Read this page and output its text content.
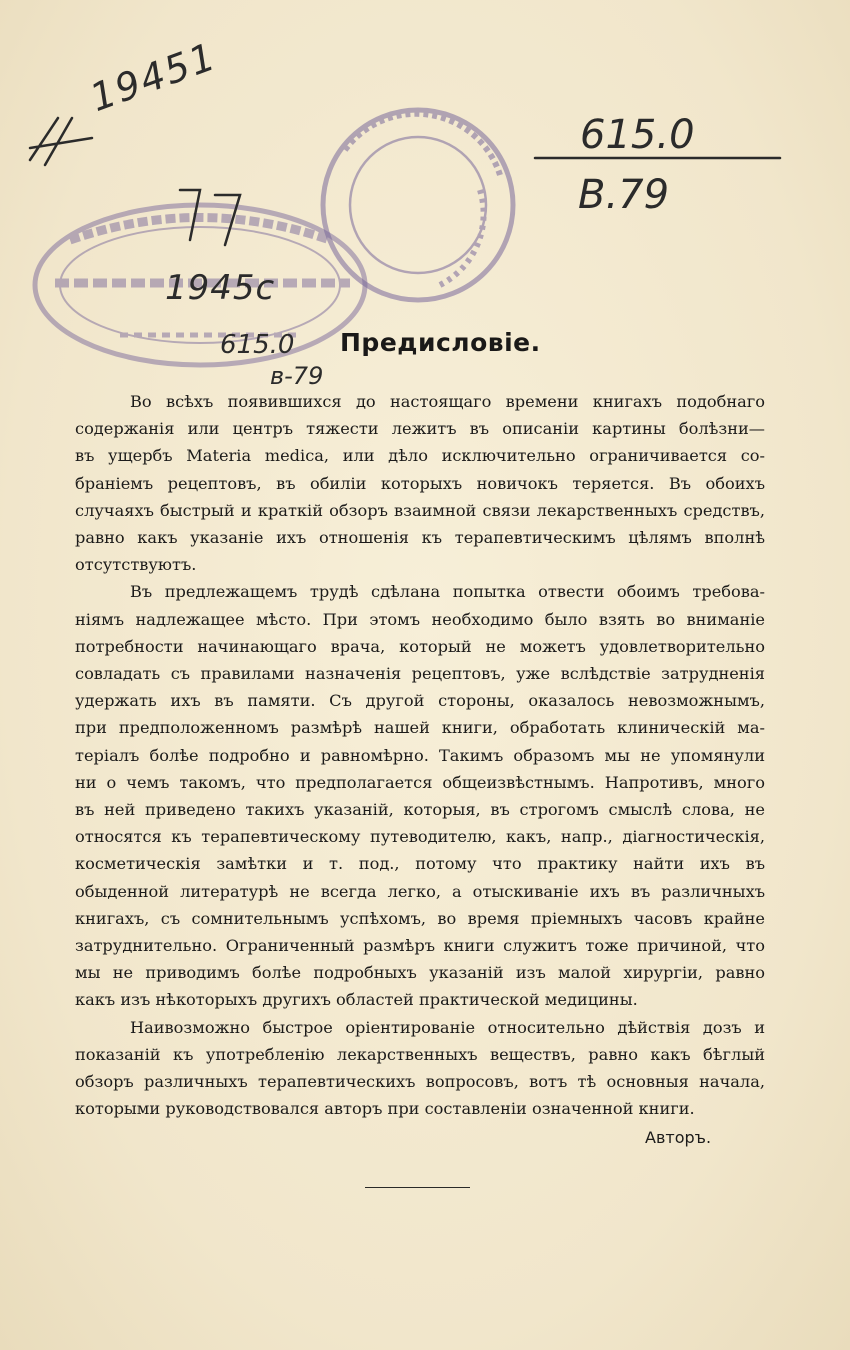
19451
1945с
615.0
в-79
615.0
В.79
Предисловіе.

Во всѣхъ появившихся до настоящаго времени книгахъ подобнаго
содержанія или центръ тяжести лежитъ въ описаніи картины болѣзни—
въ ущербъ Materia medica, или дѣло исключительно ограничивается со-
браніемъ рецептовъ, въ обиліи которыхъ новичокъ теряется. Въ обоихъ
случаяхъ быстрый и краткій обзоръ взаимной связи лекарственныхъ средствъ,
равно какъ указаніе ихъ отношенія къ терапевтическимъ цѣлямъ вполнѣ
отсутствуютъ.

Въ предлежащемъ трудѣ сдѣлана попытка отвести обоимъ требова-
ніямъ надлежащее мѣсто. При этомъ необходимо было взять во вниманіе
потребности начинающаго врача, который не можетъ удовлетворительно
совладать съ правилами назначенія рецептовъ, уже вслѣдствіе затрудненія
удержать ихъ въ памяти. Съ другой стороны, оказалось невозможнымъ,
при предположенномъ размѣрѣ нашей книги, обработать клиническій ма-
теріалъ болѣе подробно и равномѣрно. Такимъ образомъ мы не упомянули
ни о чемъ такомъ, что предполагается общеизвѣстнымъ. Напротивъ, много
въ ней приведено такихъ указаній, которыя, въ строгомъ смыслѣ слова, не
относятся къ терапевтическому путеводителю, какъ, напр., діагностическія,
косметическія замѣтки и т. под., потому что практику найти ихъ въ
обыденной литературѣ не всегда легко, а отыскиваніе ихъ въ различныхъ
книгахъ, съ сомнительнымъ успѣхомъ, во время пріемныхъ часовъ крайне
затруднительно. Ограниченный размѣръ книги служитъ тоже причиной, что
мы не приводимъ болѣе подробныхъ указаній изъ малой хирургіи, равно
какъ изъ нѣкоторыхъ другихъ областей практической медицины.

Наивозможно быстрое оріентированіе относительно дѣйствія дозъ и
показаній къ употребленію лекарственныхъ веществъ, равно какъ бѣглый
обзоръ различныхъ терапевтическихъ вопросовъ, вотъ тѣ основныя начала,
которыми руководствовался авторъ при составленіи означенной книги.

Авторъ.
